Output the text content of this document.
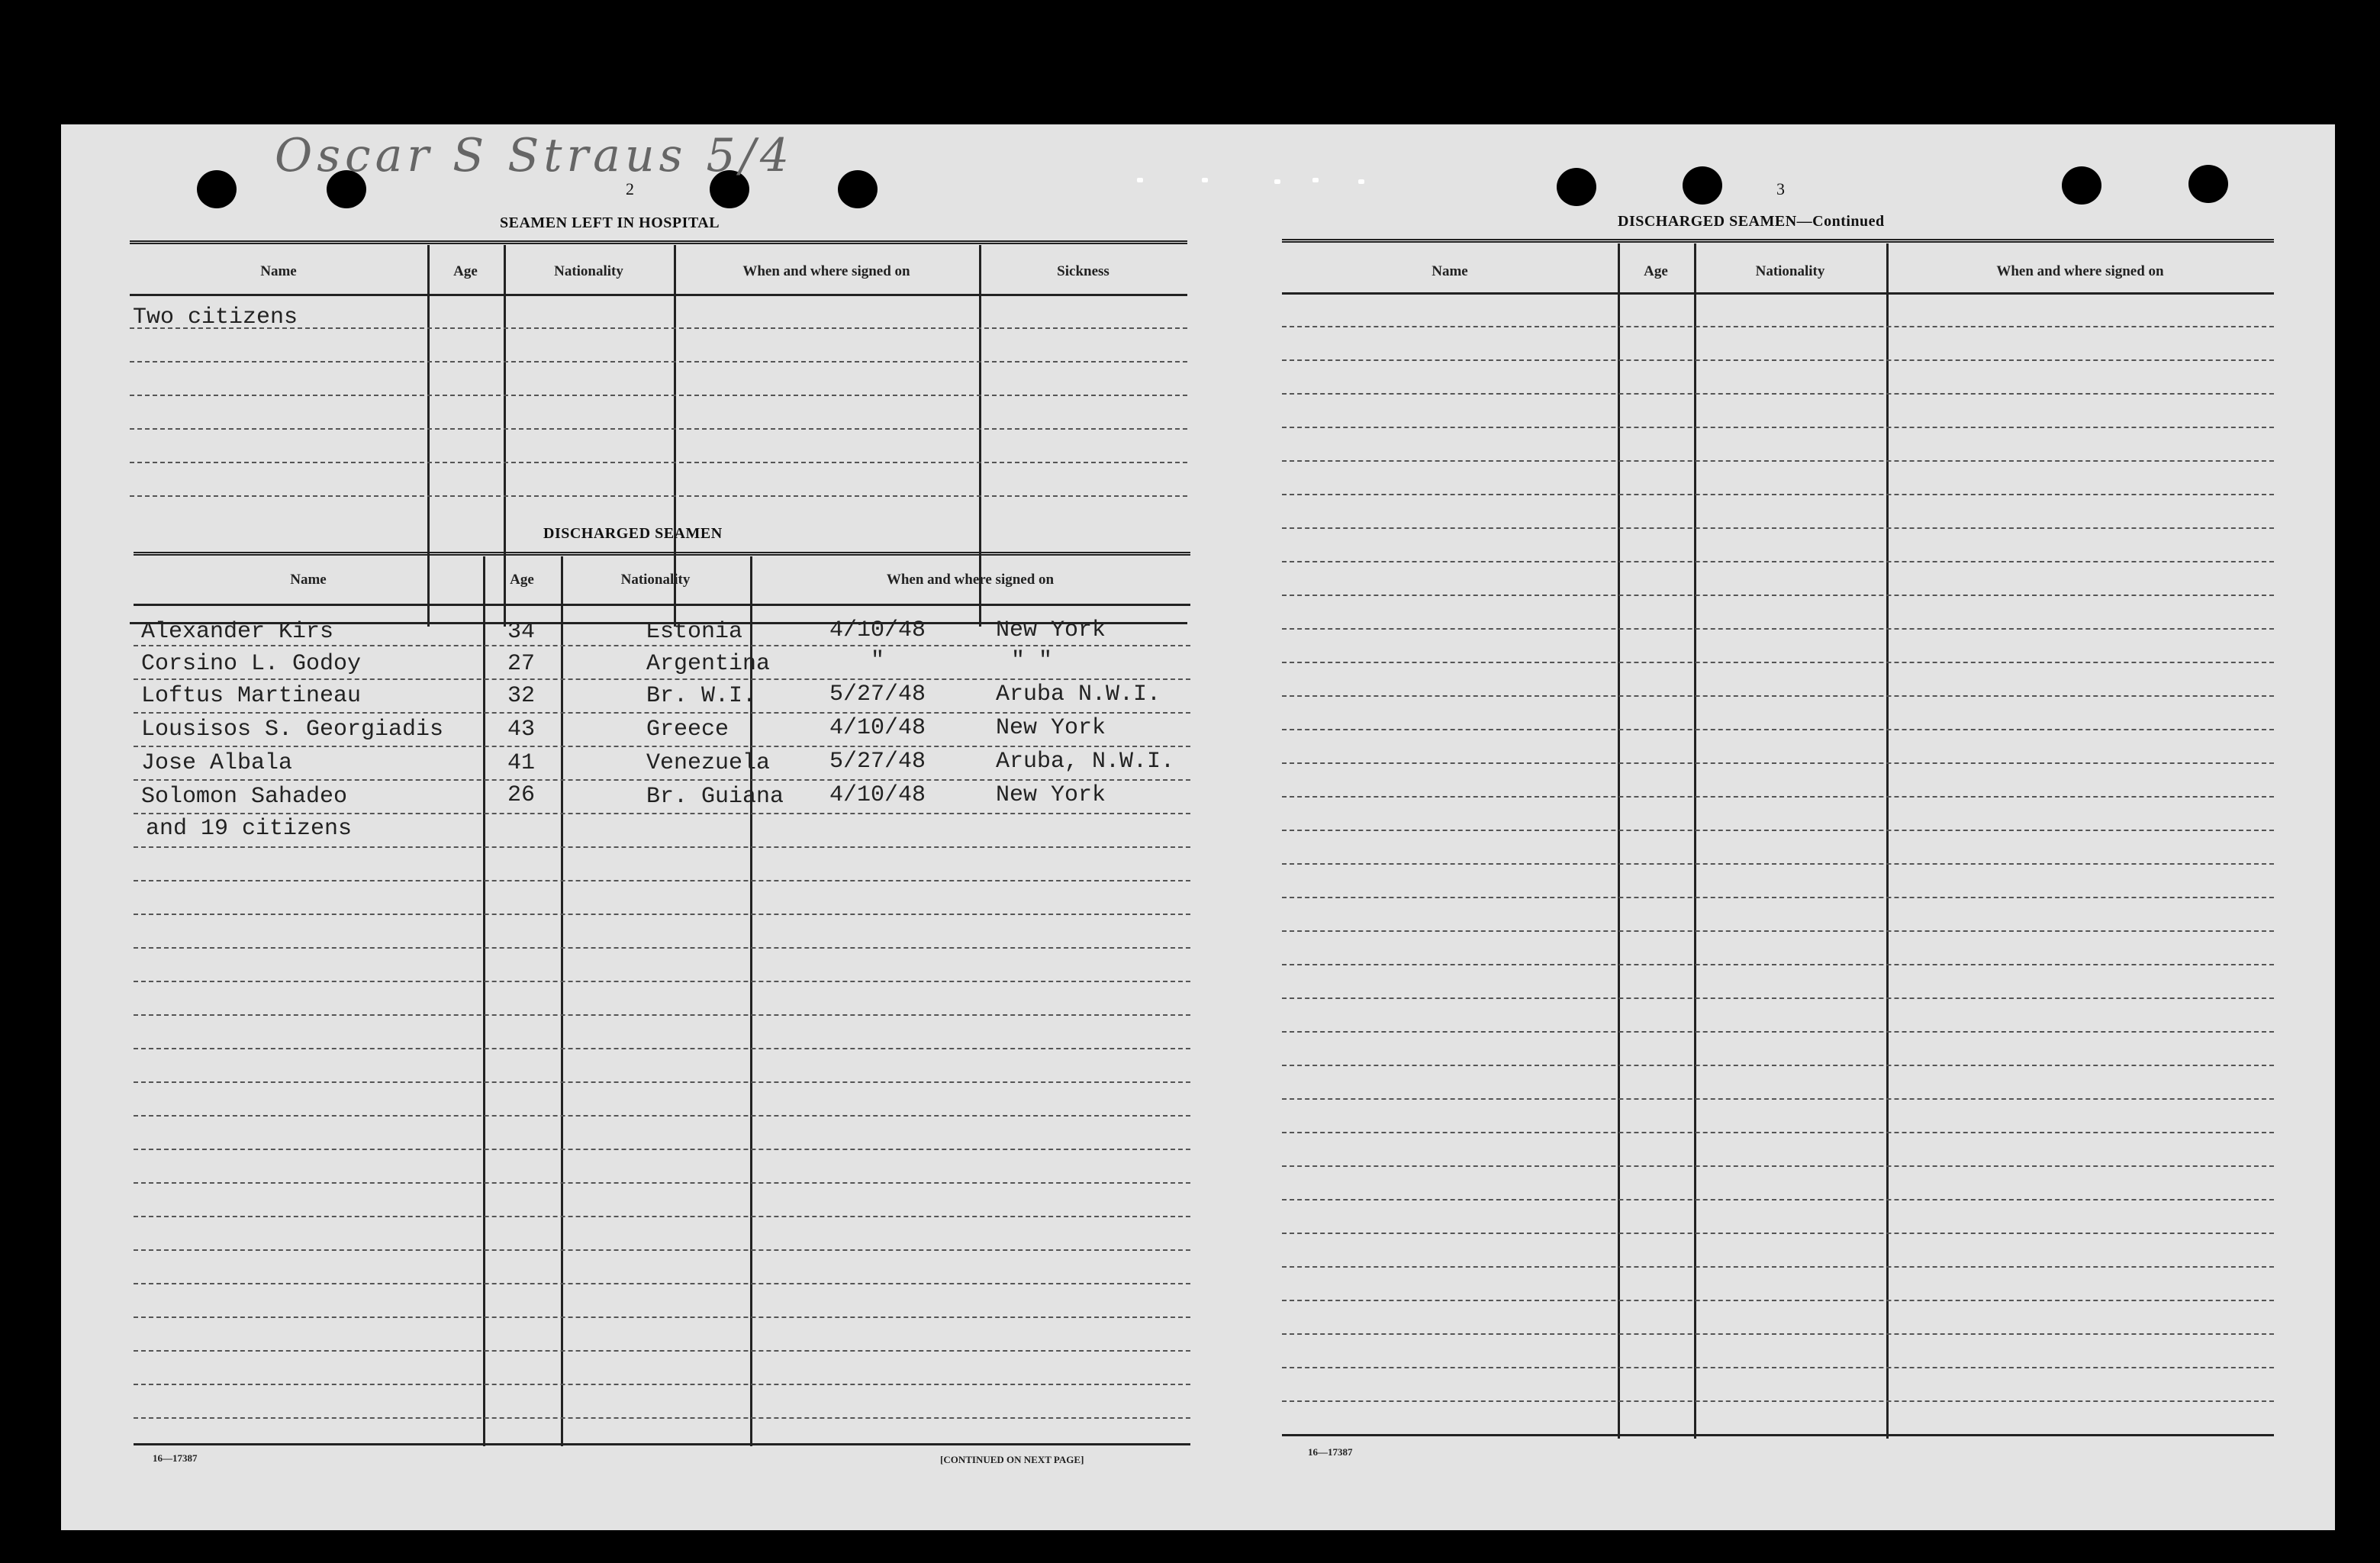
Oscar S Straus 5/4
2	3
SEAMEN LEFT IN HOSPITAL
Name	Age	Nationality	When and where signed on	Sickness
Two citizens
DISCHARGED SEAMEN
Name	Age	Nationality	When and where signed on
Alexander Kirs	34	Estonia	4/10/48	New York
Corsino L. Godoy	27	Argentina	"	" "
Loftus Martineau	32	Br. W.I.	5/27/48	Aruba N.W.I.
Lousisos S. Georgiadis	43	Greece	4/10/48	New York
Jose Albala	41	Venezuela	5/27/48	Aruba, N.W.I.
Solomon Sahadeo	26	Br. Guiana 4/10/48	New York
and 19 citizens
16—17387	[CONTINUED ON NEXT PAGE]
DISCHARGED SEAMEN—Continued
Name	Age	Nationality	When and where signed on
16—17387
